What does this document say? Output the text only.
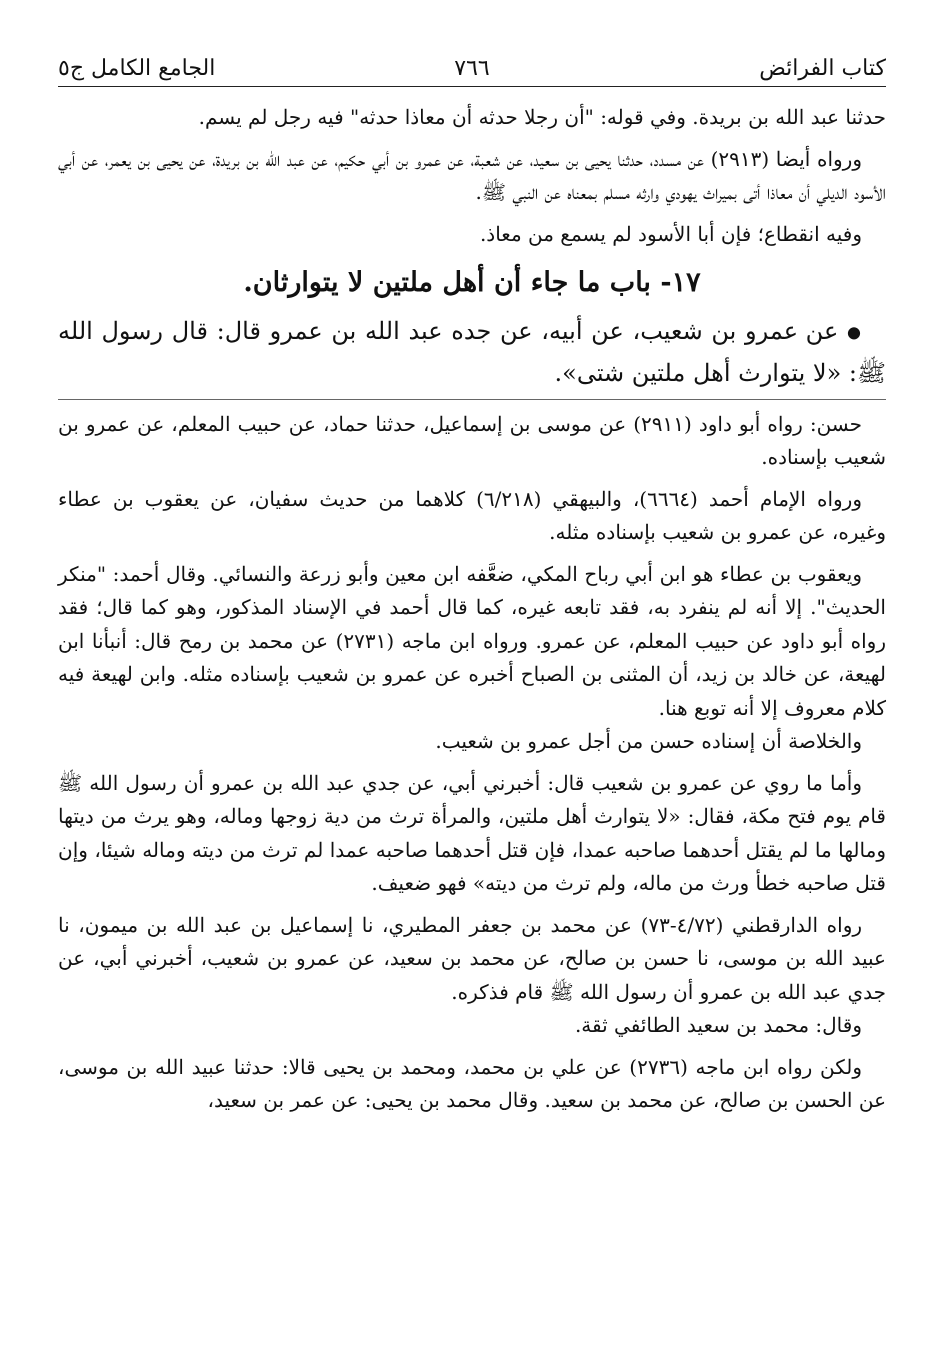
كتاب الفرائض
٧٦٦
الجامع الكامل ج٥

حدثنا عبد الله بن بريدة. وفي قوله: "أن رجلا حدثه أن معاذا حدثه" فيه رجل لم يسم.

ورواه أيضا (٢٩١٣) عن مسدد، حدثنا يحيى بن سعيد، عن شعبة، عن عمرو بن أبي حكيم، عن عبد الله بن بريدة، عن يحيى بن يعمر، عن أبي الأسود الديلي أن معاذا أتى بميراث يهودي وارثه مسلم بمعناه عن النبي ﷺ.

وفيه انقطاع؛ فإن أبا الأسود لم يسمع من معاذ.

١٧- باب ما جاء أن أهل ملتين لا يتوارثان.
● عن عمرو بن شعيب، عن أبيه، عن جده عبد الله بن عمرو قال: قال رسول الله ﷺ: «لا يتوارث أهل ملتين شتى».

حسن: رواه أبو داود (٢٩١١) عن موسى بن إسماعيل، حدثنا حماد، عن حبيب المعلم، عن عمرو بن شعيب بإسناده.

ورواه الإمام أحمد (٦٦٦٤)، والبيهقي (٦/٢١٨) كلاهما من حديث سفيان، عن يعقوب بن عطاء وغيره، عن عمرو بن شعيب بإسناده مثله.

ويعقوب بن عطاء هو ابن أبي رباح المكي، ضعَّفه ابن معين وأبو زرعة والنسائي. وقال أحمد: "منكر الحديث". إلا أنه لم ينفرد به، فقد تابعه غيره، كما قال أحمد في الإسناد المذكور، وهو كما قال؛ فقد رواه أبو داود عن حبيب المعلم، عن عمرو. ورواه ابن ماجه (٢٧٣١) عن محمد بن رمح قال: أنبأنا ابن لهيعة، عن خالد بن زيد، أن المثنى بن الصباح أخبره عن عمرو بن شعيب بإسناده مثله. وابن لهيعة فيه كلام معروف إلا أنه توبع هنا.

والخلاصة أن إسناده حسن من أجل عمرو بن شعيب.

وأما ما روي عن عمرو بن شعيب قال: أخبرني أبي، عن جدي عبد الله بن عمرو أن رسول الله ﷺ قام يوم فتح مكة، فقال: «لا يتوارث أهل ملتين، والمرأة ترث من دية زوجها وماله، وهو يرث من ديتها ومالها ما لم يقتل أحدهما صاحبه عمدا، فإن قتل أحدهما صاحبه عمدا لم ترث من ديته وماله شيئا، وإن قتل صاحبه خطأ ورث من ماله، ولم ترث من ديته» فهو ضعيف.

رواه الدارقطني (٤/٧٢-٧٣) عن محمد بن جعفر المطيري، نا إسماعيل بن عبد الله بن ميمون، نا عبيد الله بن موسى، نا حسن بن صالح، عن محمد بن سعيد، عن عمرو بن شعيب، أخبرني أبي، عن جدي عبد الله بن عمرو أن رسول الله ﷺ قام فذكره.

وقال: محمد بن سعيد الطائفي ثقة.

ولكن رواه ابن ماجه (٢٧٣٦) عن علي بن محمد، ومحمد بن يحيى قالا: حدثنا عبيد الله بن موسى، عن الحسن بن صالح، عن محمد بن سعيد. وقال محمد بن يحيى: عن عمر بن سعيد،
